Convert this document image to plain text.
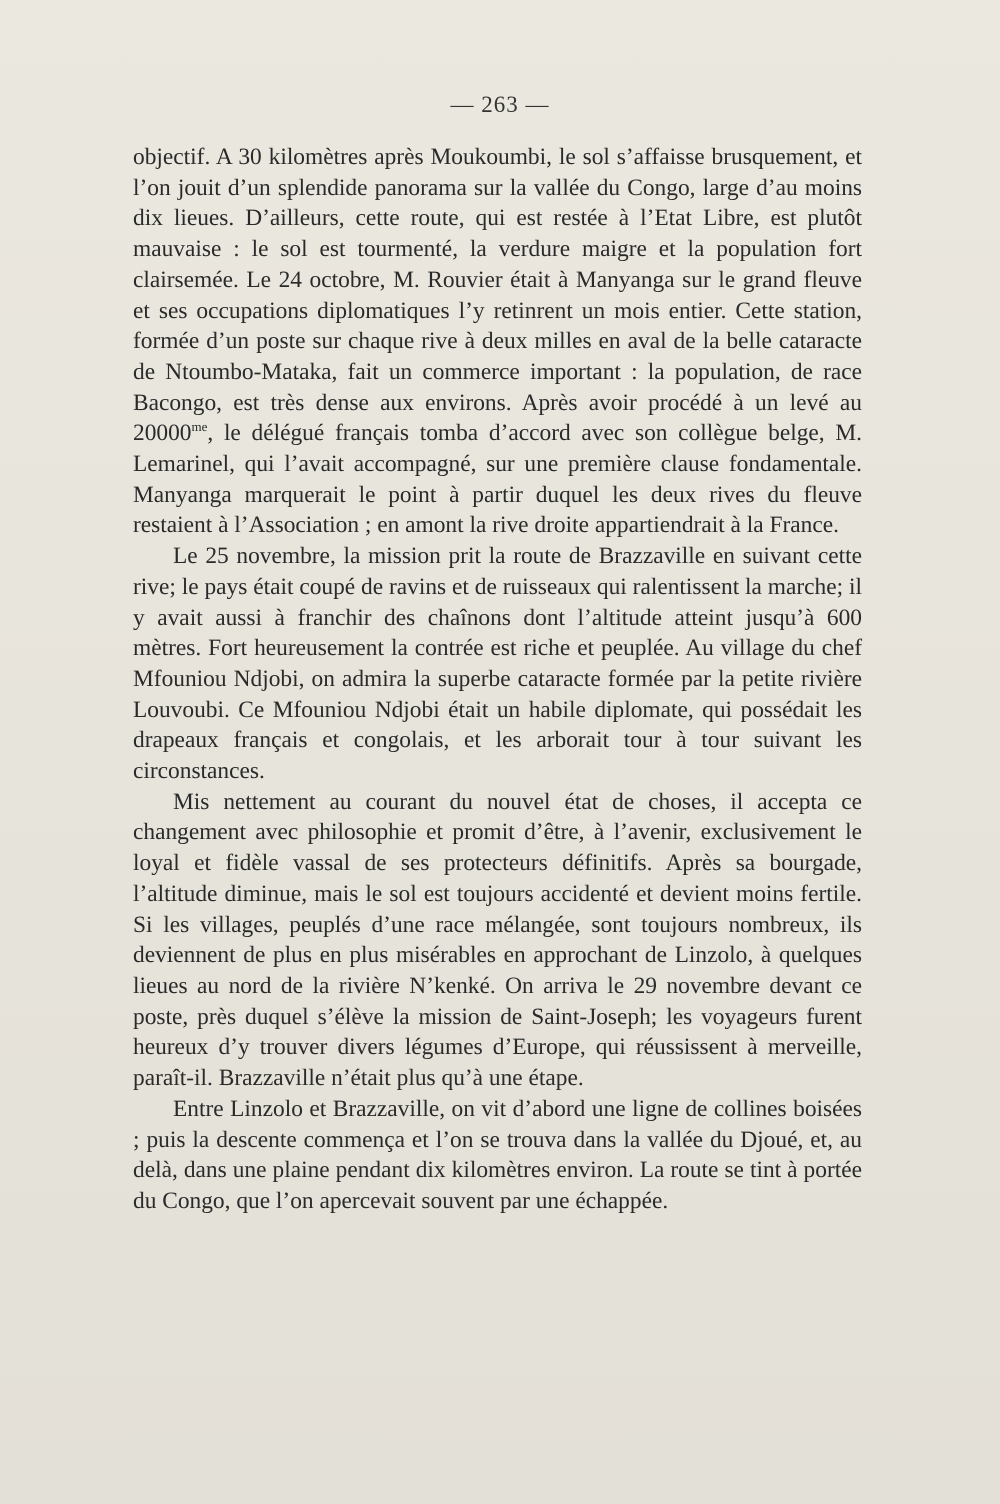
— 263 —

objectif. A 30 kilomètres après Moukoumbi, le sol s’affaisse brusquement, et l’on jouit d’un splendide panorama sur la vallée du Congo, large d’au moins dix lieues. D’ailleurs, cette route, qui est restée à l’Etat Libre, est plutôt mauvaise : le sol est tourmenté, la verdure maigre et la population fort clairsemée. Le 24 octobre, M. Rouvier était à Manyanga sur le grand fleuve et ses occupations diplomatiques l’y retinrent un mois entier. Cette station, formée d’un poste sur chaque rive à deux milles en aval de la belle cataracte de Ntoumbo-Mataka, fait un commerce important : la population, de race Bacongo, est très dense aux environs. Après avoir procédé à un levé au $20000^{me}$, le délégué français tomba d’accord avec son collègue belge, M. Lemarinel, qui l’avait accompagné, sur une première clause fondamentale. Manyanga marquerait le point à partir duquel les deux rives du fleuve restaient à l’Association ; en amont la rive droite appartiendrait à la France.

Le 25 novembre, la mission prit la route de Brazzaville en suivant cette rive; le pays était coupé de ravins et de ruisseaux qui ralentissent la marche; il y avait aussi à franchir des chaînons dont l’altitude atteint jusqu’à 600 mètres. Fort heureusement la contrée est riche et peuplée. Au village du chef Mfouniou Ndjobi, on admira la superbe cataracte formée par la petite rivière Louvoubi. Ce Mfouniou Ndjobi était un habile diplomate, qui possédait les drapeaux français et congolais, et les arborait tour à tour suivant les circonstances.

Mis nettement au courant du nouvel état de choses, il accepta ce changement avec philosophie et promit d’être, à l’avenir, exclusivement le loyal et fidèle vassal de ses protecteurs définitifs. Après sa bourgade, l’altitude diminue, mais le sol est toujours accidenté et devient moins fertile. Si les villages, peuplés d’une race mélangée, sont toujours nombreux, ils deviennent de plus en plus misérables en approchant de Linzolo, à quelques lieues au nord de la rivière N’kenké. On arriva le 29 novembre devant ce poste, près duquel s’élève la mission de Saint-Joseph; les voyageurs furent heureux d’y trouver divers légumes d’Europe, qui réussissent à merveille, paraît-il. Brazzaville n’était plus qu’à une étape.

Entre Linzolo et Brazzaville, on vit d’abord une ligne de collines boisées ; puis la descente commença et l’on se trouva dans la vallée du Djoué, et, au delà, dans une plaine pendant dix kilomètres environ. La route se tint à portée du Congo, que l’on apercevait souvent par une échappée.
